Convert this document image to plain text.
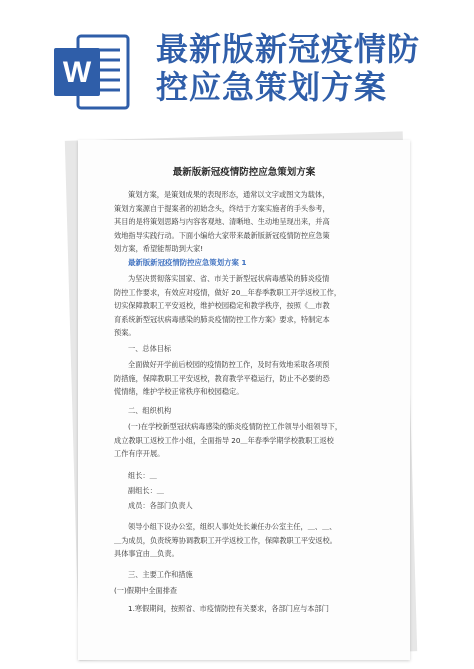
W
最新版新冠疫情防
控应急策划方案
最新版新冠疫情防控应急策划方案
策划方案，是策划成果的表现形态，通常以文字或图文为载体，
策划方案源自于提案者的初始念头，终结于方案实施者的手头参考，
其目的是将策划思路与内容客观地、清晰地、生动地呈现出来，并高
效地指导实践行动。下面小编给大家带来最新版新冠疫情防控应急策
划方案，希望能帮助到大家!
最新版新冠疫情防控应急策划方案 1
为坚决贯彻落实国家、省、市关于新型冠状病毒感染的肺炎疫情
防控工作要求，有效应对疫情，做好 20＿年春季教职工开学返校工作，
切实保障教职工平安返校，维护校园稳定和教学秩序，按照《＿市教
育系统新型冠状病毒感染的肺炎疫情防控工作方案》要求，特制定本
预案。
一、总体目标
全面做好开学前后校园的疫情防控工作，及时有效地采取各项预
防措施，保障教职工平安返校，教育教学平稳运行，防止不必要的恐
慌情绪，维护学校正常秩序和校园稳定。
二、组织机构
(一)在学校新型冠状病毒感染的肺炎疫情防控工作领导小组领导下，
成立教职工返校工作小组，全面指导 20＿年春季学期学校教职工返校
工作有序开展。
组长：＿
副组长：＿
成员：各部门负责人
领导小组下设办公室，组织人事处处长兼任办公室主任，＿、＿、
＿为成员，负责统筹协调教职工开学返校工作，保障教职工平安返校。
具体事宜由＿负责。
三、主要工作和措施
(一)假期中全面排查
1.寒假期间，按照省、市疫情防控有关要求，各部门应与本部门
